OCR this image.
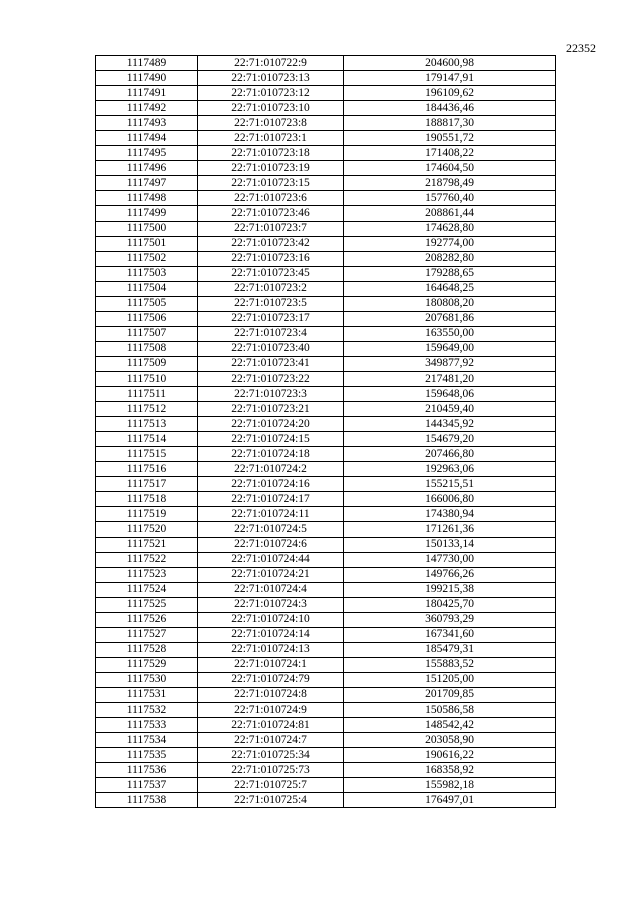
22352
1117489	22:71:010722:9	204600,98
1117490	22:71:010723:13	179147,91
1117491	22:71:010723:12	196109,62
1117492	22:71:010723:10	184436,46
1117493	22:71:010723:8	188817,30
1117494	22:71:010723:1	190551,72
1117495	22:71:010723:18	171408,22
1117496	22:71:010723:19	174604,50
1117497	22:71:010723:15	218798,49
1117498	22:71:010723:6	157760,40
1117499	22:71:010723:46	208861,44
1117500	22:71:010723:7	174628,80
1117501	22:71:010723:42	192774,00
1117502	22:71:010723:16	208282,80
1117503	22:71:010723:45	179288,65
1117504	22:71:010723:2	164648,25
1117505	22:71:010723:5	180808,20
1117506	22:71:010723:17	207681,86
1117507	22:71:010723:4	163550,00
1117508	22:71:010723:40	159649,00
1117509	22:71:010723:41	349877,92
1117510	22:71:010723:22	217481,20
1117511	22:71:010723:3	159648,06
1117512	22:71:010723:21	210459,40
1117513	22:71:010724:20	144345,92
1117514	22:71:010724:15	154679,20
1117515	22:71:010724:18	207466,80
1117516	22:71:010724:2	192963,06
1117517	22:71:010724:16	155215,51
1117518	22:71:010724:17	166006,80
1117519	22:71:010724:11	174380,94
1117520	22:71:010724:5	171261,36
1117521	22:71:010724:6	150133,14
1117522	22:71:010724:44	147730,00
1117523	22:71:010724:21	149766,26
1117524	22:71:010724:4	199215,38
1117525	22:71:010724:3	180425,70
1117526	22:71:010724:10	360793,29
1117527	22:71:010724:14	167341,60
1117528	22:71:010724:13	185479,31
1117529	22:71:010724:1	155883,52
1117530	22:71:010724:79	151205,00
1117531	22:71:010724:8	201709,85
1117532	22:71:010724:9	150586,58
1117533	22:71:010724:81	148542,42
1117534	22:71:010724:7	203058,90
1117535	22:71:010725:34	190616,22
1117536	22:71:010725:73	168358,92
1117537	22:71:010725:7	155982,18
1117538	22:71:010725:4	176497,01
